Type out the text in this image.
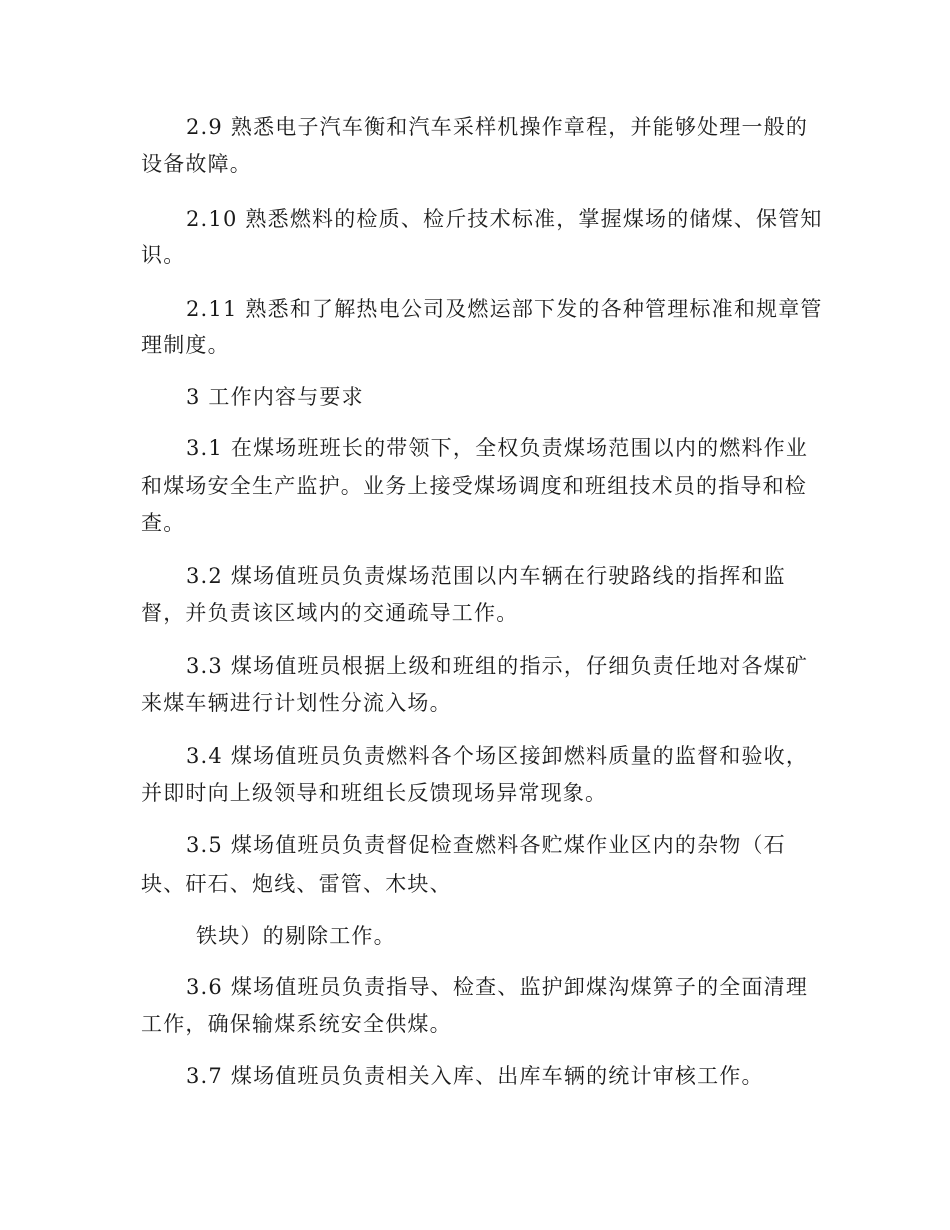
2.9 熟悉电子汽车衡和汽车采样机操作章程，并能够处理一般的
设备故障。
2.10 熟悉燃料的检质、检斤技术标准，掌握煤场的储煤、保管知
识。
2.11 熟悉和了解热电公司及燃运部下发的各种管理标准和规章管
理制度。
3 工作内容与要求
3.1 在煤场班班长的带领下，全权负责煤场范围以内的燃料作业
和煤场安全生产监护。业务上接受煤场调度和班组技术员的指导和检
查。
3.2 煤场值班员负责煤场范围以内车辆在行驶路线的指挥和监
督，并负责该区域内的交通疏导工作。
3.3 煤场值班员根据上级和班组的指示，仔细负责任地对各煤矿
来煤车辆进行计划性分流入场。
3.4 煤场值班员负责燃料各个场区接卸燃料质量的监督和验收，
并即时向上级领导和班组长反馈现场异常现象。
3.5 煤场值班员负责督促检查燃料各贮煤作业区内的杂物（石
块、矸石、炮线、雷管、木块、
铁块）的剔除工作。
3.6 煤场值班员负责指导、检查、监护卸煤沟煤箅子的全面清理
工作，确保输煤系统安全供煤。
3.7 煤场值班员负责相关入库、出库车辆的统计审核工作。
